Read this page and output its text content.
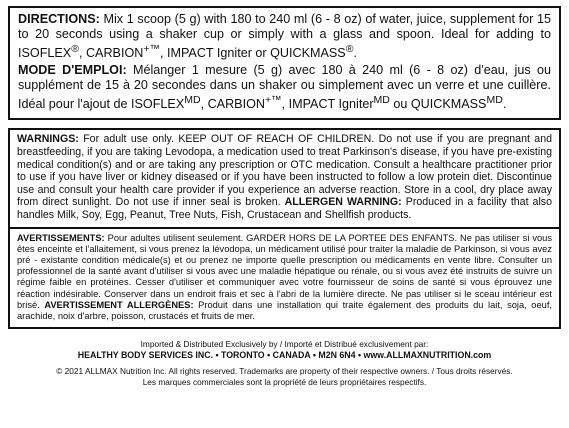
DIRECTIONS: Mix 1 scoop (5 g) with 180 to 240 ml (6 - 8 oz) of water, juice, supplement for 15 to 20 seconds using a shaker cup or simply with a glass and spoon. Ideal for adding to ISOFLEX®, CARBION+™, IMPACT Igniter or QUICKMASS®.

MODE D'EMPLOI: Mélanger 1 mesure (5 g) avec 180 à 240 ml (6 - 8 oz) d'eau, jus ou supplément de 15 à 20 secondes dans un shaker ou simplement avec un verre et une cuillère. Idéal pour l'ajout de $ISOFLEX^{MD}$, CARBION+™, IMPACT Igniter$^{MD}$ ou $QUICKMASS^{MD}$.

WARNINGS: For adult use only. KEEP OUT OF REACH OF CHILDREN. Do not use if you are pregnant and breastfeeding, if you are taking Levodopa, a medication used to treat Parkinson's disease, if you have pre-existing medical condition(s) and or are taking any prescription or OTC medication. Consult a healthcare practitioner prior to use if you have liver or kidney diseased or if you have been instructed to follow a low protein diet. Discontinue use and consult your health care provider if you experience an adverse reaction. Store in a cool, dry place away from direct sunlight. Do not use if inner seal is broken. ALLERGEN WARNING: Produced in a facility that also handles Milk, Soy, Egg, Peanut, Tree Nuts, Fish, Crustacean and Shellfish products.

AVERTISSEMENTS: Pour adultes utilisent seulement. GARDER HORS DE LA PORTEE DES ENFANTS. Ne pas utiliser si vous êtes enceinte et l'allaitement, si vous prenez la lévodopa, un médicament utilisé pour traiter la maladie de Parkinson, si vous avez pré - existante condition médicale(s) et ou prenez ne importe quelle prescription ou médicaments en vente libre. Consulter un professionnel de la santé avant d'utiliser si vous avec une maladie hépatique ou rénale, ou si vous avez été instruits de suivre un régime faible en protéines. Cesser d'utiliser et communiquer avec votre fournisseur de soins de santé si vous éprouvez une réaction indésirable. Conserver dans un endroit frais et sec à l'abri de la lumière directe. Ne pas utiliser si le sceau intérieur est brisé. AVERTISSEMENT ALLERGÈNES: Produit dans une installation qui traite également des produits du lait, soja, oeuf, arachide, noix d'arbre, poisson, crustacés et fruits de mer.

Imported & Distributed Exclusively by / Importé et Distribué exclusivement par:
HEALTHY BODY SERVICES INC. • TORONTO • CANADA • M2N 6N4 • www.ALLMAXNUTRITION.com
© 2021 ALLMAX Nutrition Inc. All rights reserved. Trademarks are property of their respective owners. / Tous droits réservés.
Les marques commerciales sont la propriété de leurs propriétaires respectifs.
